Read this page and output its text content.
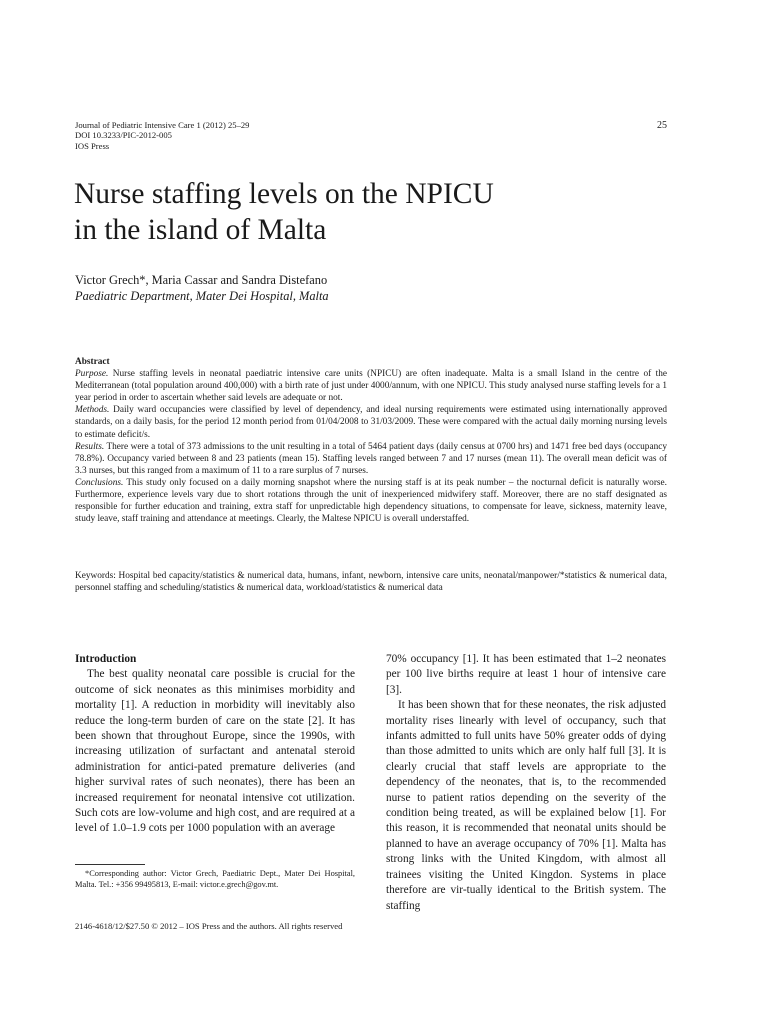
Journal of Pediatric Intensive Care 1 (2012) 25–29
DOI 10.3233/PIC-2012-005
IOS Press
25
Nurse staffing levels on the NPICU
in the island of Malta
Victor Grech*, Maria Cassar and Sandra Distefano
Paediatric Department, Mater Dei Hospital, Malta

Abstract

Purpose. Nurse staffing levels in neonatal paediatric intensive care units (NPICU) are often inadequate. Malta is a small Island in the centre of the Mediterranean (total population around 400,000) with a birth rate of just under 4000/annum, with one NPICU. This study analysed nurse staffing levels for a 1 year period in order to ascertain whether said levels are adequate or not.

Methods. Daily ward occupancies were classified by level of dependency, and ideal nursing requirements were estimated using internationally approved standards, on a daily basis, for the period 12 month period from 01/04/2008 to 31/03/2009. These were compared with the actual daily morning nursing levels to estimate deficit/s.

Results. There were a total of 373 admissions to the unit resulting in a total of 5464 patient days (daily census at 0700 hrs) and 1471 free bed days (occupancy 78.8%). Occupancy varied between 8 and 23 patients (mean 15). Staffing levels ranged between 7 and 17 nurses (mean 11). The overall mean deficit was of 3.3 nurses, but this ranged from a maximum of 11 to a rare surplus of 7 nurses.

Conclusions. This study only focused on a daily morning snapshot where the nursing staff is at its peak number – the nocturnal deficit is naturally worse. Furthermore, experience levels vary due to short rotations through the unit of inexperienced midwifery staff. Moreover, there are no staff designated as responsible for further education and training, extra staff for unpredictable high dependency situations, to compensate for leave, sickness, maternity leave, study leave, staff training and attendance at meetings. Clearly, the Maltese NPICU is overall understaffed.

Keywords: Hospital bed capacity/statistics & numerical data, humans, infant, newborn, intensive care units, neonatal/manpower/*statistics & numerical data, personnel staffing and scheduling/statistics & numerical data, workload/statistics & numerical data

Introduction

The best quality neonatal care possible is crucial for the outcome of sick neonates as this minimises morbidity and mortality [1]. A reduction in morbidity will inevitably also reduce the long-term burden of care on the state [2]. It has been shown that throughout Europe, since the 1990s, with increasing utilization of surfactant and antenatal steroid administration for antici-pated premature deliveries (and higher survival rates of such neonates), there has been an increased requirement for neonatal intensive cot utilization. Such cots are low-volume and high cost, and are required at a level of 1.0–1.9 cots per 1000 population with an average

70% occupancy [1]. It has been estimated that 1–2 neonates per 100 live births require at least 1 hour of intensive care [3].

It has been shown that for these neonates, the risk adjusted mortality rises linearly with level of occupancy, such that infants admitted to full units have 50% greater odds of dying than those admitted to units which are only half full [3]. It is clearly crucial that staff levels are appropriate to the dependency of the neonates, that is, to the recommended nurse to patient ratios depending on the severity of the condition being treated, as will be explained below [1]. For this reason, it is recommended that neonatal units should be planned to have an average occupancy of 70% [1]. Malta has strong links with the United Kingdom, with almost all trainees visiting the United Kingdon. Systems in place therefore are vir-tually identical to the British system. The staffing

*Corresponding author: Victor Grech, Paediatric Dept., Mater Dei Hospital, Malta. Tel.: +356 99495813, E-mail: victor.e.grech@gov.mt.
2146-4618/12/$27.50 © 2012 – IOS Press and the authors. All rights reserved
